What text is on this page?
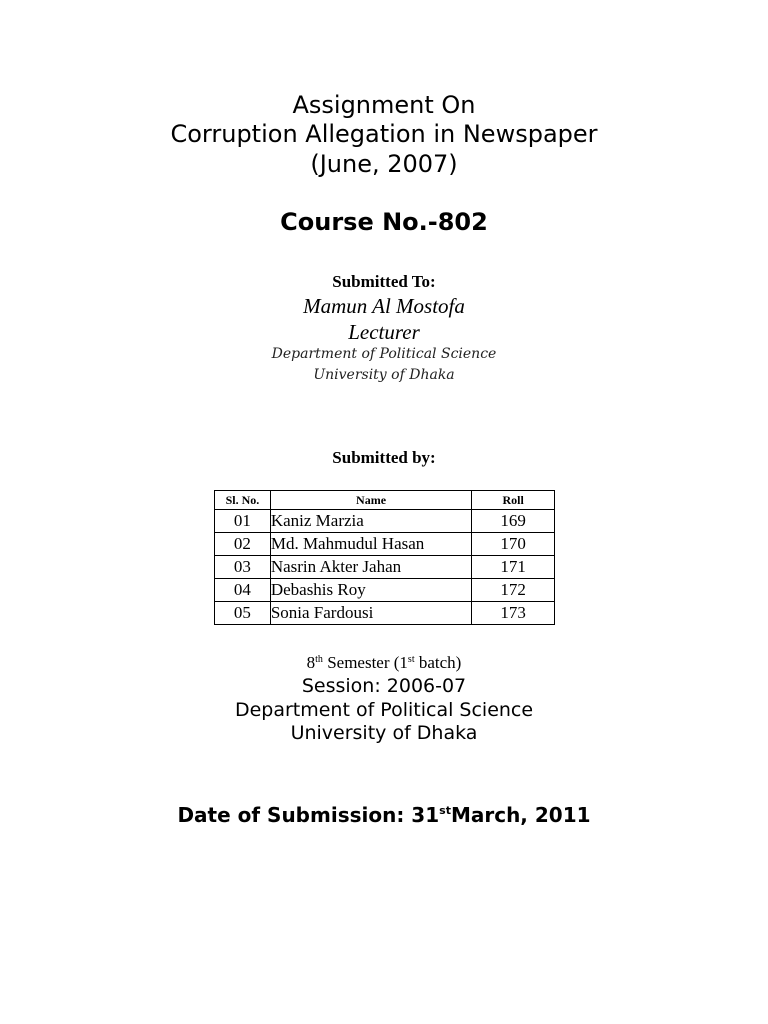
Assignment On
Corruption Allegation in Newspaper
(June, 2007)
Course No.-802
Submitted To:
Mamun Al Mostofa
Lecturer
Department of Political Science
University of Dhaka
Submitted by:
Sl. No.	Name	Roll
01	Kaniz Marzia	169
02	Md. Mahmudul Hasan	170
03	Nasrin Akter Jahan	171
04	Debashis Roy	172
05	Sonia Fardousi	173
8th Semester (1st batch)
Session: 2006-07
Department of Political Science
University of Dhaka
Date of Submission: 31stMarch, 2011
